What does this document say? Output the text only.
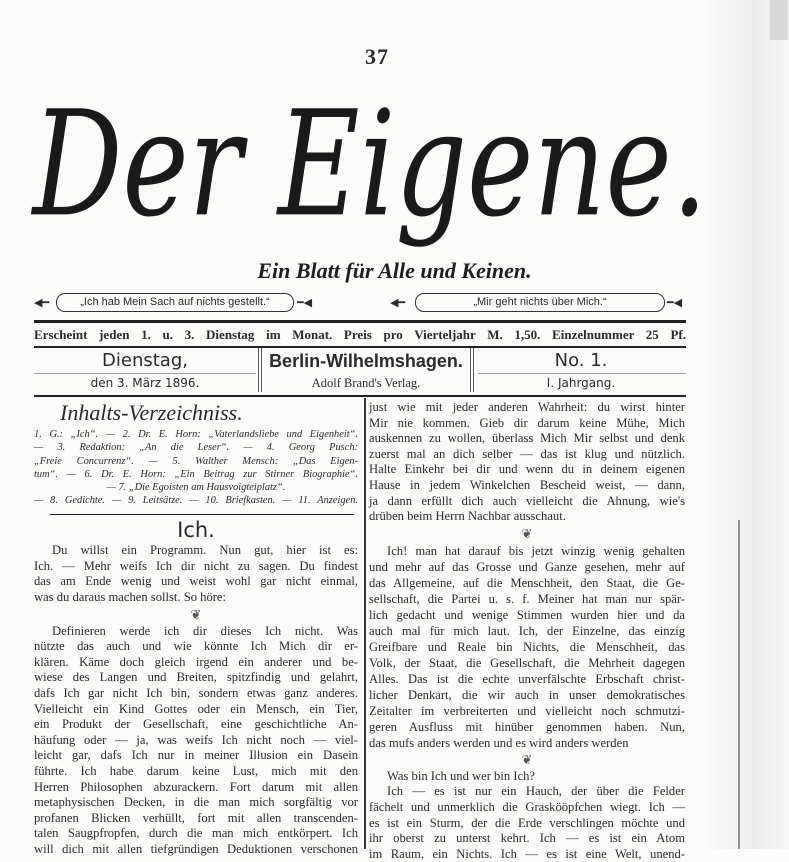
37
Der Eigene.
Ein Blatt für Alle und Keinen.
◀━	„Ich hab Mein Sach auf nichts gestellt.“	━◀	◀━	„Mir geht nichts über Mich.“	━◀
Erscheint jeden 1. u. 3. Dienstag im Monat. Preis pro Vierteljahr M. 1,50. Einzelnummer 25 Pf.
Dienstag,
den 3. März 1896.
Berlin-Wilhelmshagen.
Adolf Brand's Verlag.
No. 1.
I. Jahrgang.
Inhalts-Verzeichniss.
1. G.: „Ich“. — 2. Dr. E. Horn: „Vaterlandsliebe und Eigenheit“.
— 3. Redaktion: „An die Leser“. — 4. Georg Pusch:
„Freie Concurrenz“. — 5. Walther Mensch: „Das Eigen-
tum“. — 6. Dr. E. Horn: „Ein Beitrag zur Stirner Biographie“.
— 7. „Die Egoisten am Hausvoigteiplatz“.
— 8. Gedichte. — 9. Leitsätze. — 10. Briefkasten. — 11. Anzeigen.
Ich.
Du willst ein Programm. Nun gut, hier ist es:
Ich. — Mehr weifs Ich dir nicht zu sagen. Du findest
das am Ende wenig und weist wohl gar nicht einmal,
was du daraus machen sollst. So höre:
❦
Definieren werde ich dir dieses Ich nicht. Was
nützte das auch und wie könnte Ich Mich dir er-
klären. Käme doch gleich irgend ein anderer und be-
wiese des Langen und Breiten, spitzfindig und gelahrt,
dafs Ich gar nicht Ich bin, sondern etwas ganz anderes.
Vielleicht ein Kind Gottes oder ein Mensch, ein Tier,
ein Produkt der Gesellschaft, eine geschichtliche An-
häufung oder — ja, was weifs Ich nicht noch — viel-
leicht gar, dafs Ich nur in meiner Illusion ein Dasein
führte. Ich habe darum keine Lust, mich mit den
Herren Philosophen abzurackern. Fort darum mit allen
metaphysischen Decken, in die man mich sorgfältig vor
profanen Blicken verhüllt, fort mit allen transcenden-
talen Saugpfropfen, durch die man mich entkörpert. Ich
will dich mit allen tiefgründigen Deduktionen verschonen
just wie mit jeder anderen Wahrheit: du wirst hinter
Mir nie kommen. Gieb dir darum keine Mühe, Mich
auskennen zu wollen, überlass Mich Mir selbst und denk
zuerst mal an dich selber — das ist klug und nützlich.
Halte Einkehr bei dir und wenn du in deinem eigenen
Hause in jedem Winkelchen Bescheid weist, — dann,
ja dann erfüllt dich auch vielleicht die Ahnung, wie's
drüben beim Herrn Nachbar ausschaut.
❦
Ich! man hat darauf bis jetzt winzig wenig gehalten
und mehr auf das Grosse und Ganze gesehen, mehr auf
das Allgemeine, auf die Menschheit, den Staat, die Ge-
sellschaft, die Partei u. s. f. Meiner hat man nur spär-
lich gedacht und wenige Stimmen wurden hier und da
auch mal für mich laut. Ich, der Einzelne, das einzig
Greifbare und Reale bin Nichts, die Menschheit, das
Volk, der Staat, die Gesellschaft, die Mehrheit dagegen
Alles. Das ist die echte unverfälschte Erbschaft christ-
licher Denkart, die wir auch in unser demokratisches
Zeitalter im verbreiterten und vielleicht noch schmutzi-
geren Ausfluss mit hinüber genommen haben. Nun,
das mufs anders werden und es wird anders werden
❦
Was bin Ich und wer bin Ich?
Ich — es ist nur ein Hauch, der über die Felder
fächelt und unmerklich die Graskööpfchen wiegt. Ich —
es ist ein Sturm, der die Erde verschlingen möchte und
ihr oberst zu unterst kehrt. Ich — es ist ein Atom
im Raum, ein Nichts. Ich — es ist eine Welt, unend-
